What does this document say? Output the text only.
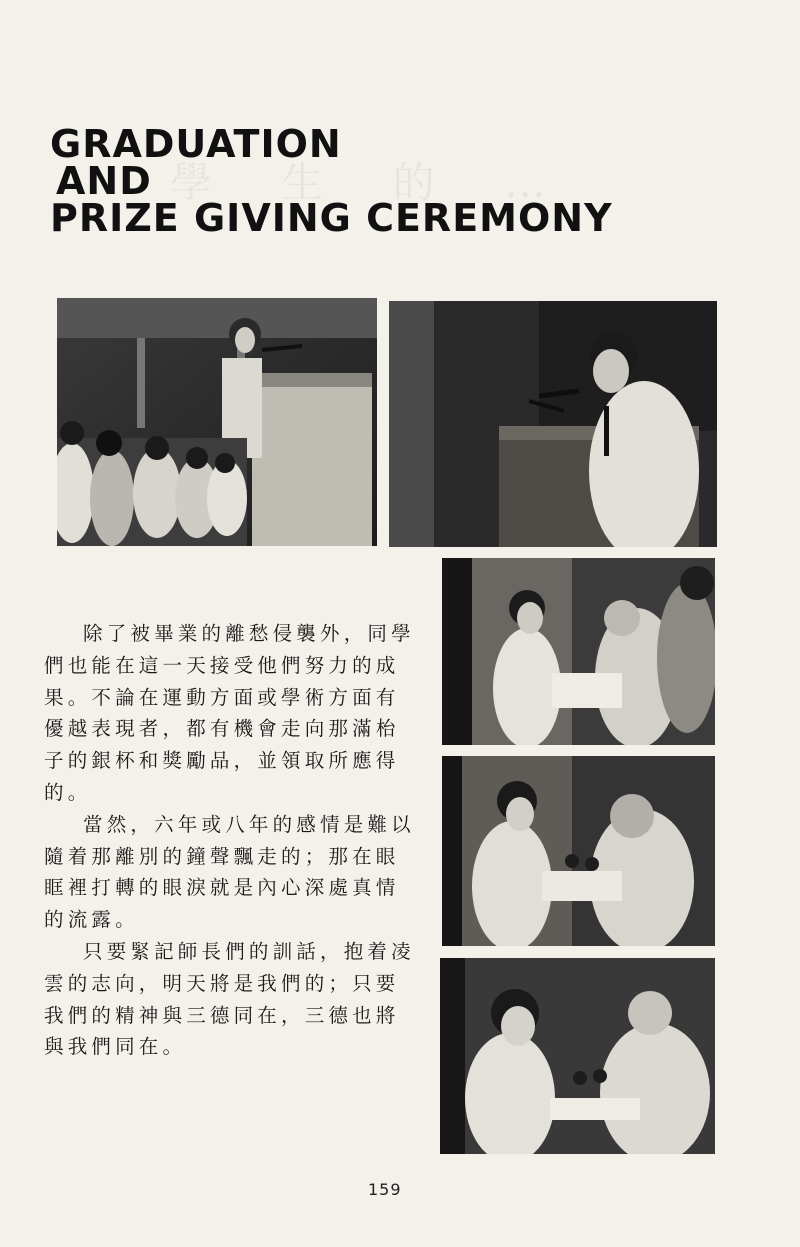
學 生 的 …
GRADUATION
AND
PRIZE GIVING CEREMONY

除了被畢業的離愁侵襲外，同學們也能在這一天接受他們努力的成果。不論在運動方面或學術方面有優越表現者，都有機會走向那滿枱子的銀杯和獎勵品，並領取所應得的。

當然，六年或八年的感情是難以隨着那離別的鐘聲飄走的；那在眼眶裡打轉的眼淚就是內心深處真情的流露。

只要緊記師長們的訓話，抱着凌雲的志向，明天將是我們的；只要我們的精神與三德同在，三德也將與我們同在。

159
